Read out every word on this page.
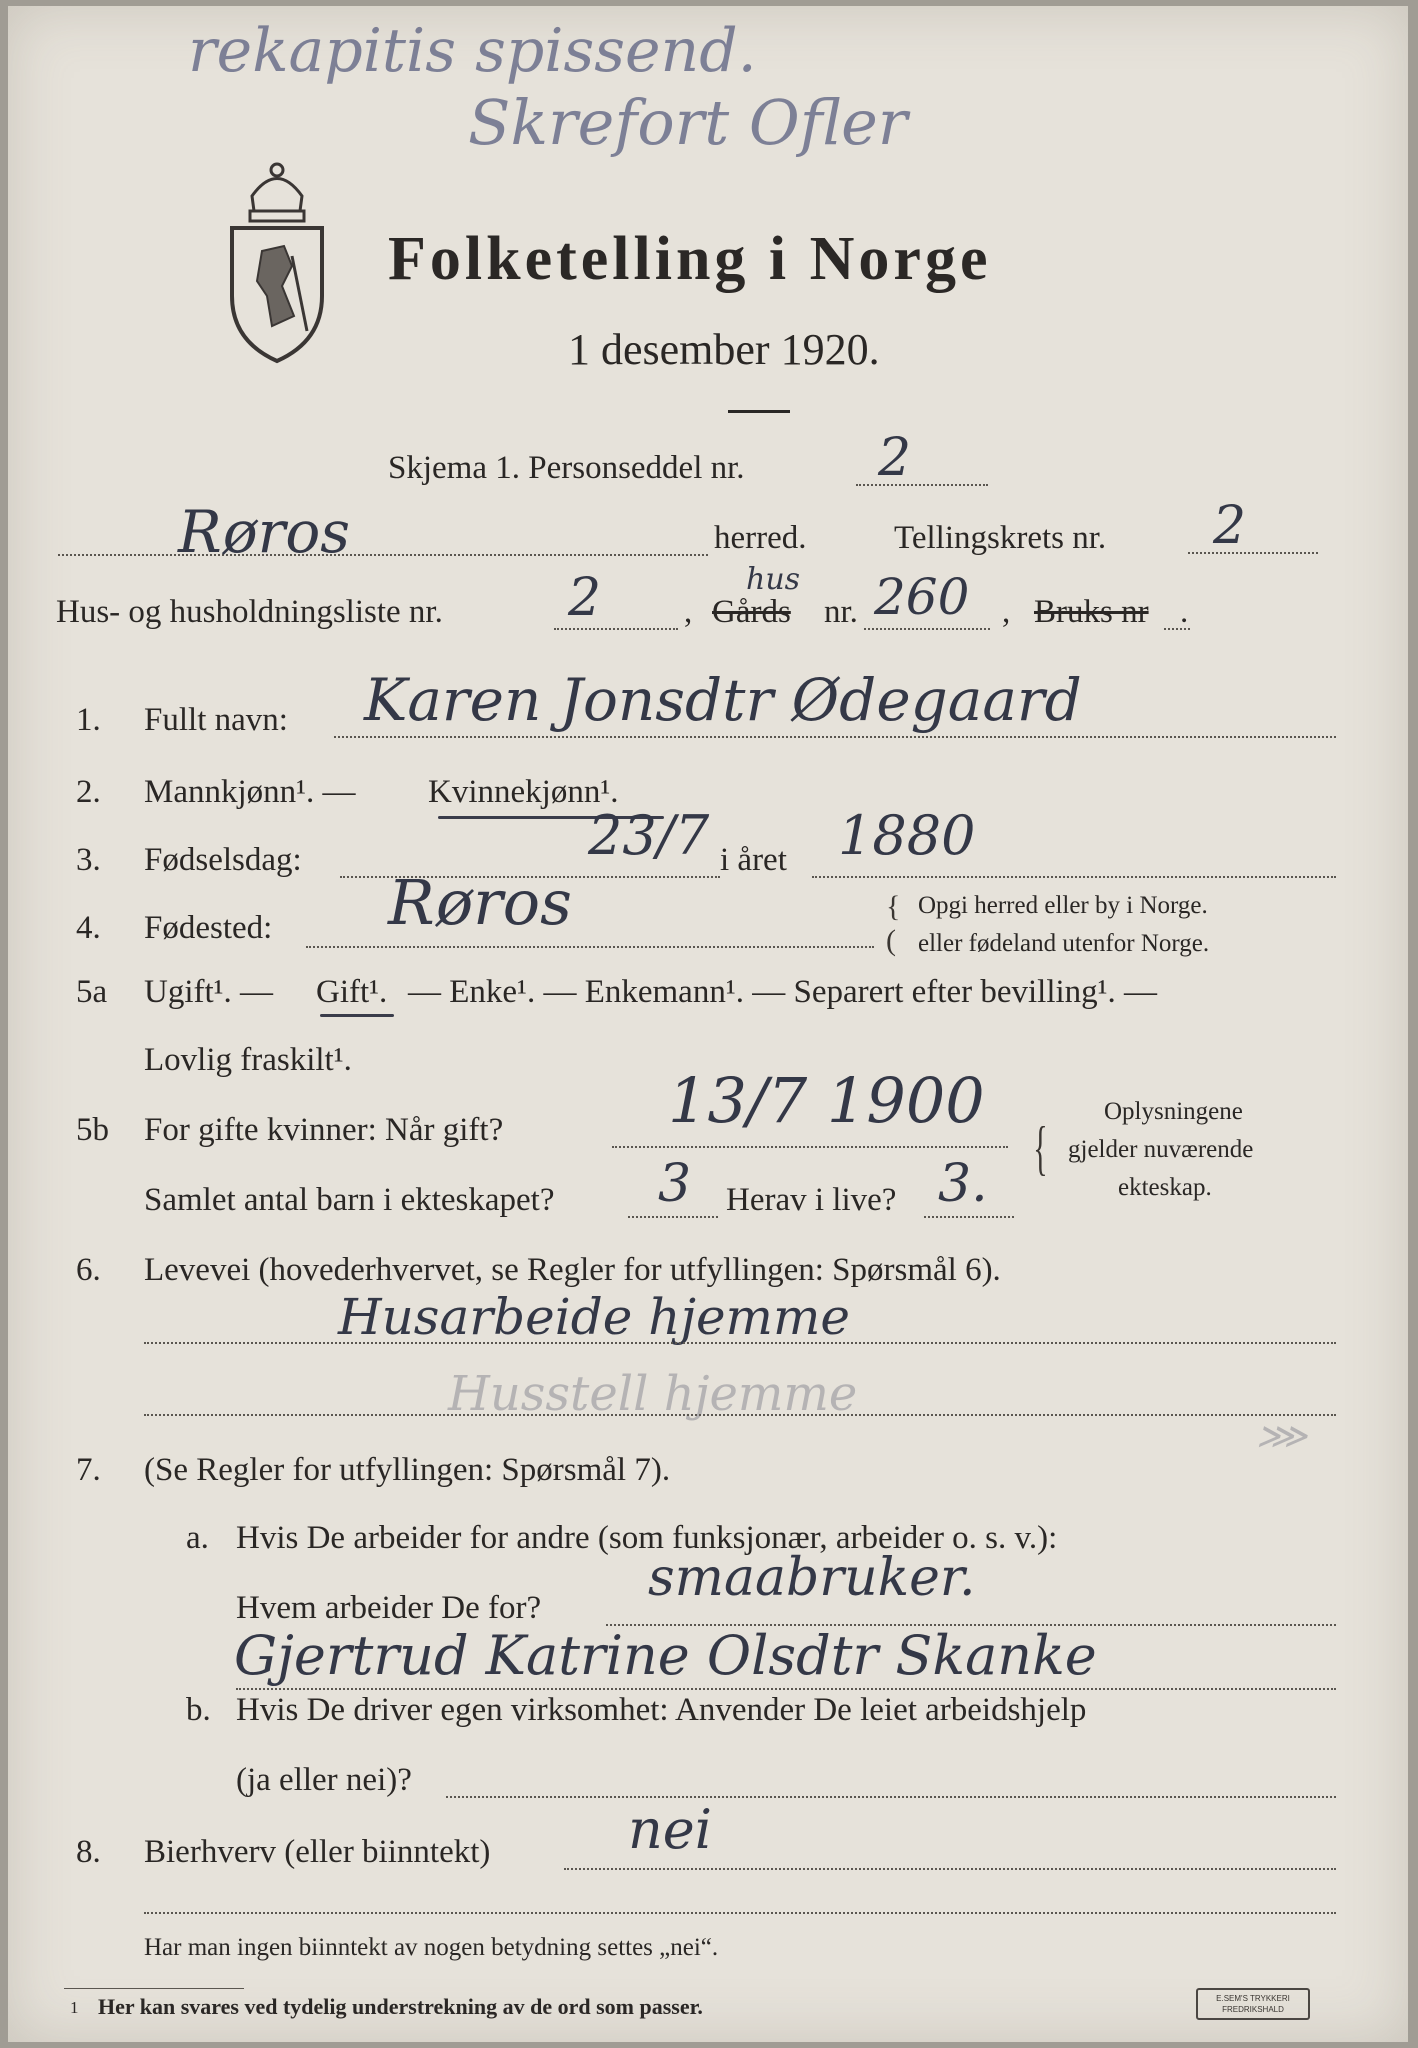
rekapitis spissend.
Skrefort Ofler
Folketelling i Norge
1 desember 1920.
Skjema 1. Personseddel nr.	2
Røros	herred.	Tellingskrets nr. 2
Hus- og husholdningsliste nr. 2	,
hus
Gårds nr. 260 , Bruks nr .
1. Fullt navn: Karen Jonsdtr Ødegaard
2. Mannkjønn¹. — Kvinnekjønn¹.
3. Fødselsdag:	23/7 i året 1880
4. Fødested: Røros	{
(
Opgi herred eller by i Norge.
eller fødeland utenfor Norge.
5a Ugift¹. — Gift¹. — Enke¹. — Enkemann¹. — Separert efter bevilling¹. —
Lovlig fraskilt¹.
5b For gifte kvinner: Når gift?	13/7 1900
Samlet antal barn i ekteskapet? 3 Herav i live? 3.
{
Oplysningene
gjelder nuværende
ekteskap.
6. Levevei (hovederhvervet, se Regler for utfyllingen: Spørsmål 6).
Husarbeide hjemme
Husstell hjemme
⋙
7. (Se Regler for utfyllingen: Spørsmål 7).
a. Hvis De arbeider for andre (som funksjonær, arbeider o. s. v.):
Hvem arbeider De for? smaabruker.
Gjertrud Katrine Olsdtr Skanke
b. Hvis De driver egen virksomhet: Anvender De leiet arbeidshjelp
(ja eller nei)?
8. Bierhverv (eller biinntekt)	nei
Har man ingen biinntekt av nogen betydning settes „nei“.
1 Her kan svares ved tydelig understrekning av de ord som passer.	E.SEM'S TRYKKERI FREDRIKSHALD
